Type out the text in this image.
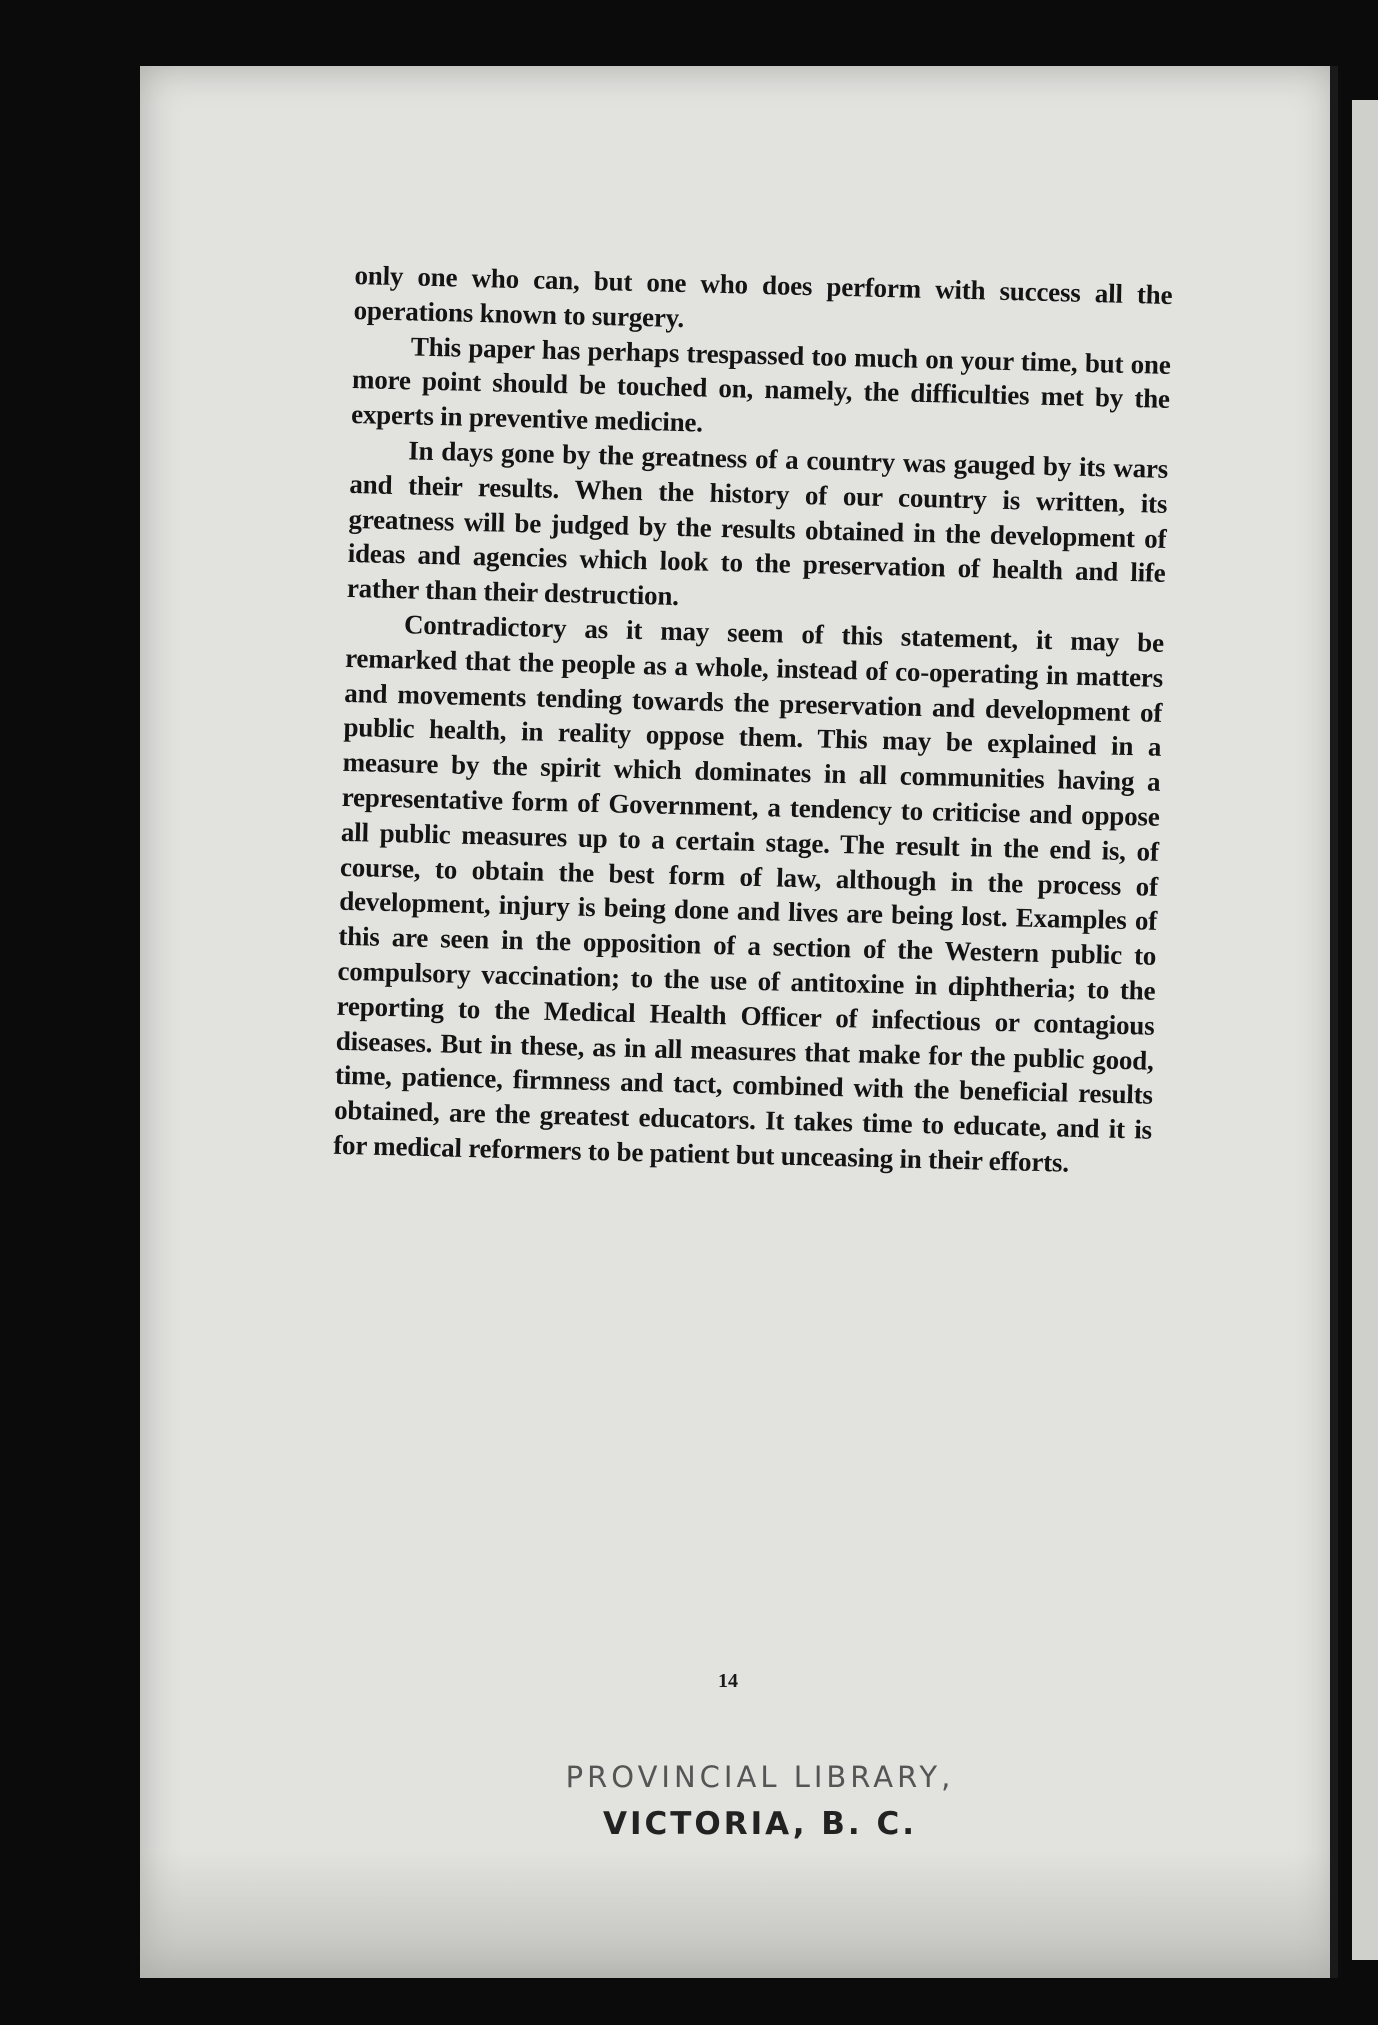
only one who can, but one who does perform with success all the operations known to surgery.

This paper has perhaps trespassed too much on your time, but one more point should be touched on, namely, the difficulties met by the experts in preventive medicine.

In days gone by the greatness of a country was gauged by its wars and their results. When the history of our country is written, its greatness will be judged by the results obtained in the development of ideas and agencies which look to the preservation of health and life rather than their destruction.

Contradictory as it may seem of this statement, it may be remarked that the people as a whole, instead of co-operating in matters and movements tending towards the preservation and development of public health, in reality oppose them. This may be explained in a measure by the spirit which dominates in all communities having a representative form of Government, a tendency to criticise and oppose all public measures up to a certain stage. The result in the end is, of course, to obtain the best form of law, although in the process of development, injury is being done and lives are being lost. Examples of this are seen in the opposition of a section of the Western public to compulsory vaccination; to the use of antitoxine in diphtheria; to the reporting to the Medical Health Officer of infectious or contagious diseases. But in these, as in all measures that make for the public good, time, patience, firmness and tact, combined with the beneficial results obtained, are the greatest educators. It takes time to educate, and it is for medical reformers to be patient but unceasing in their efforts.

14
PROVINCIAL LIBRARY,
VICTORIA, B. C.
